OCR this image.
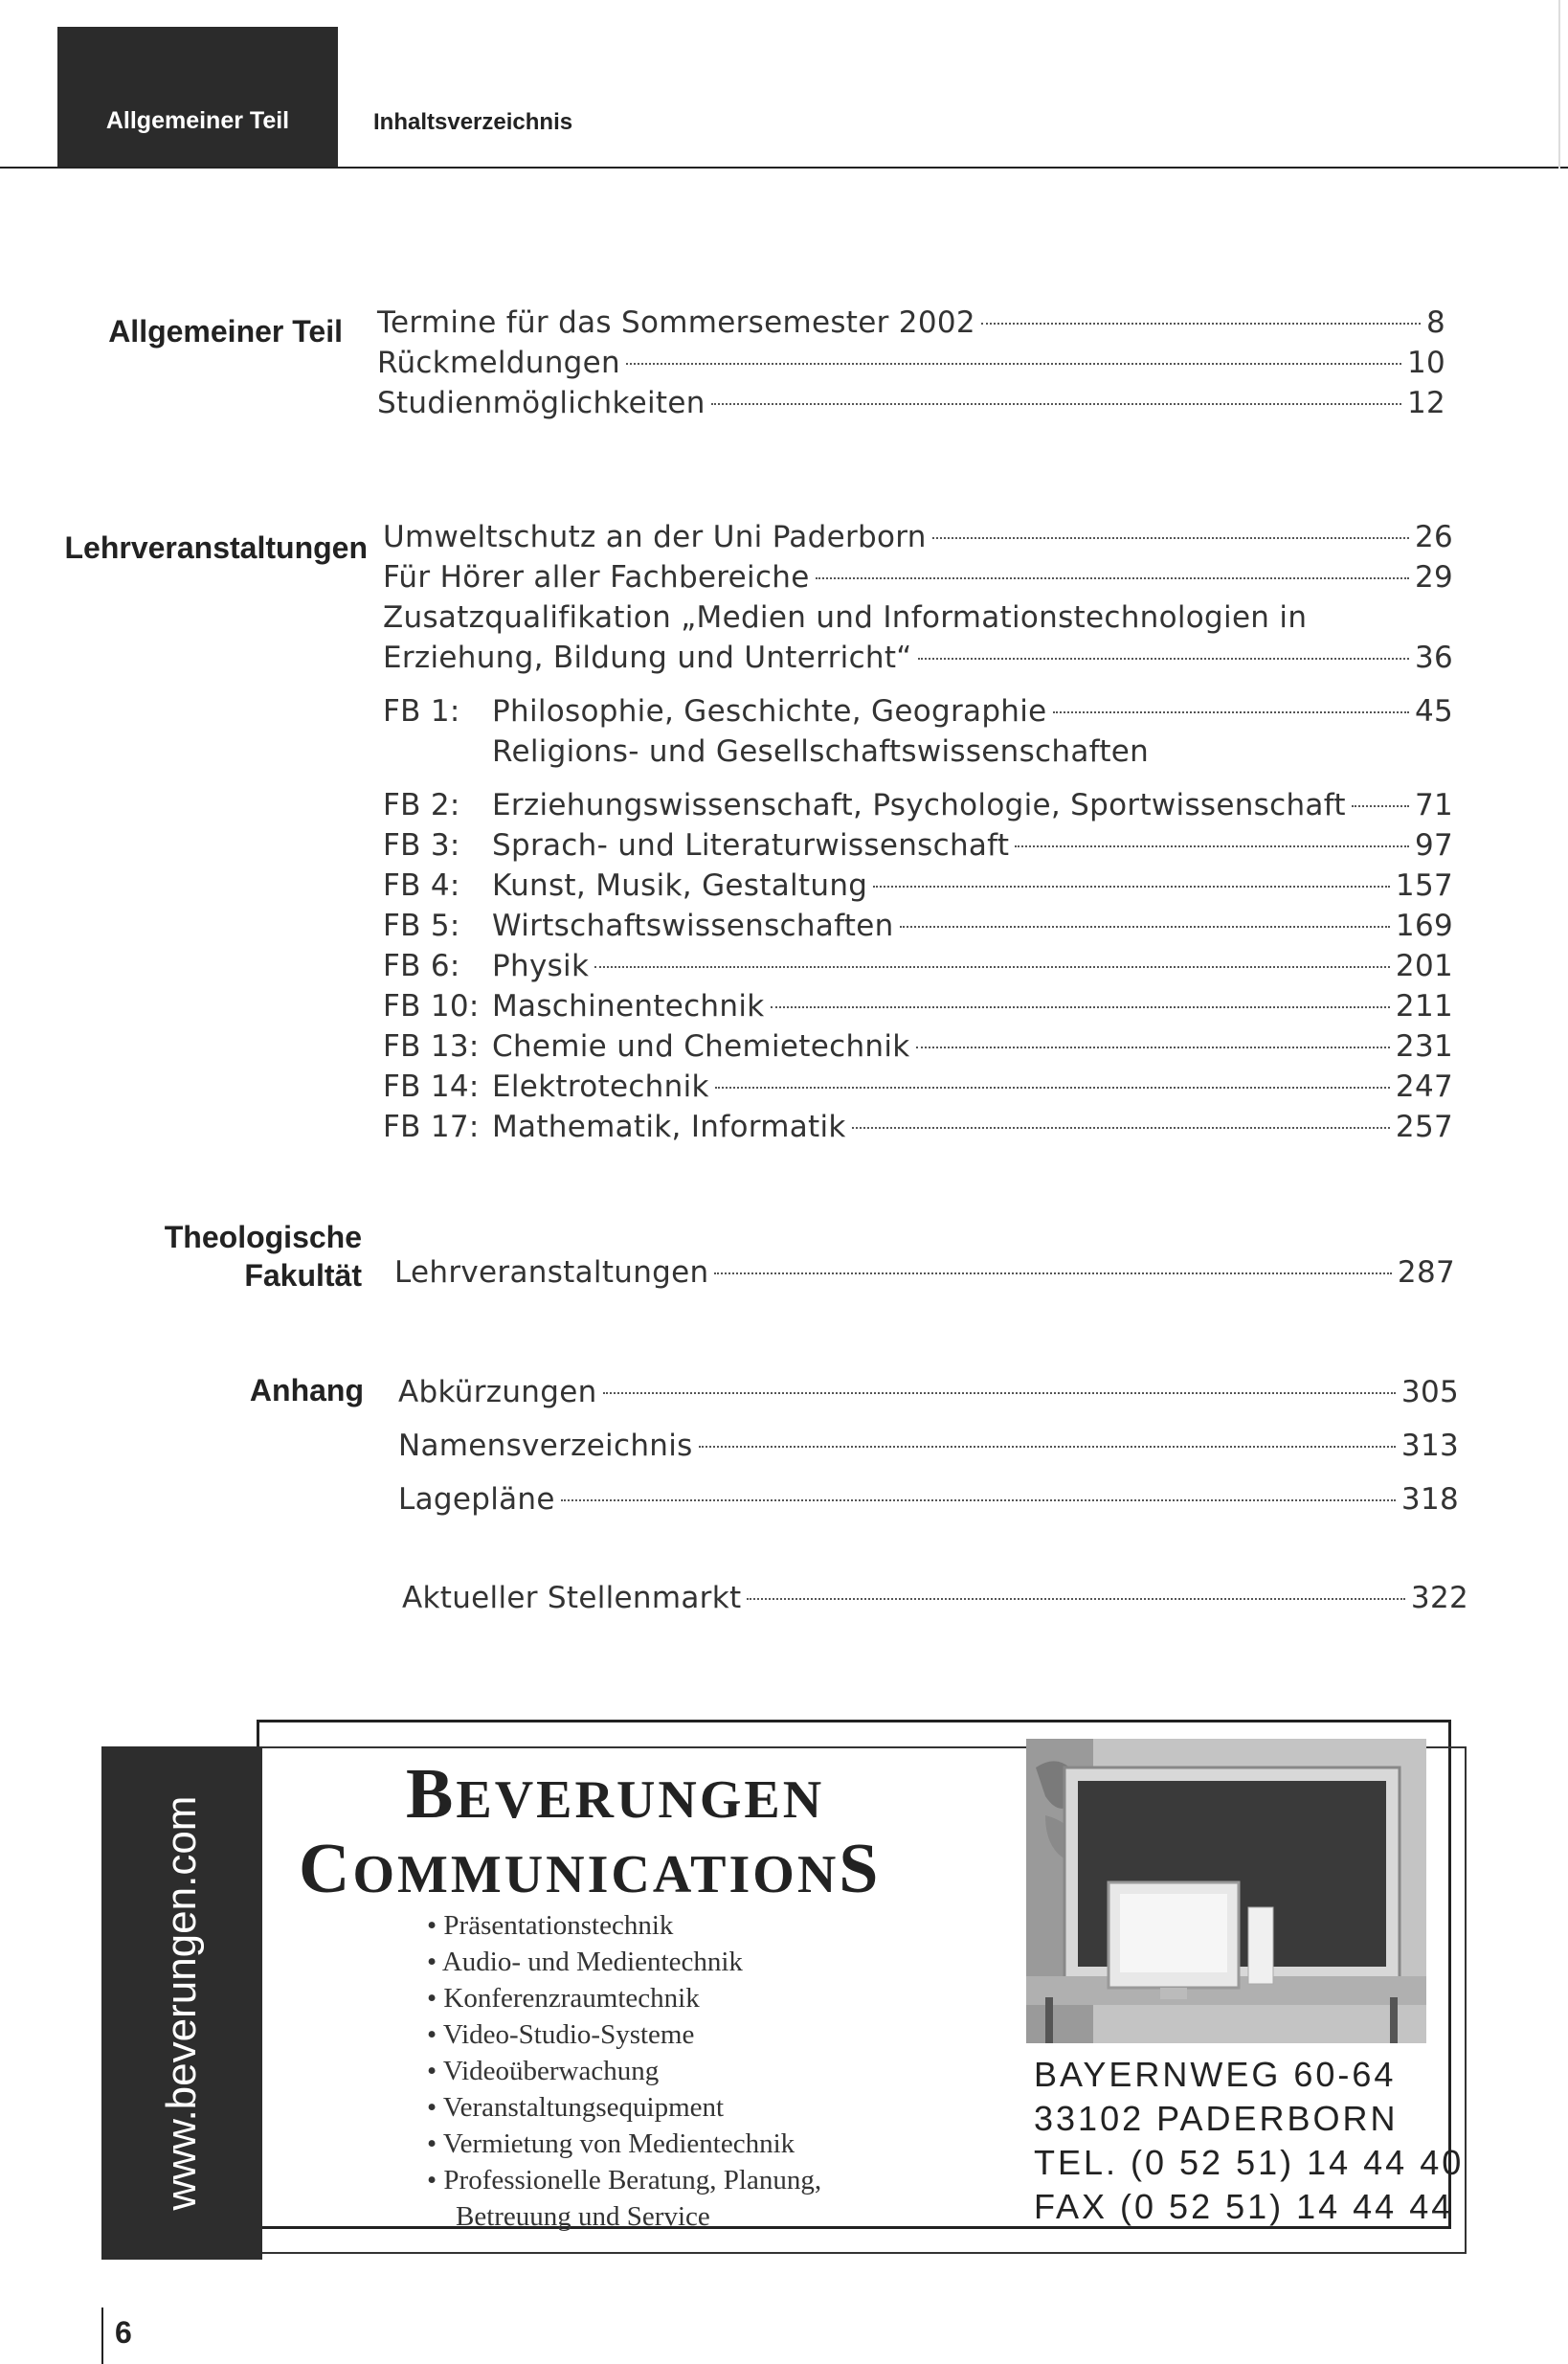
Allgemeiner Teil	Inhaltsverzeichnis
Allgemeiner Teil Termine für das Sommersemester 2002	8
Rückmeldungen	10
Studienmöglichkeiten	12
Lehrveranstaltungen Umweltschutz an der Uni Paderborn	26
Für Hörer aller Fachbereiche	29
Zusatzqualifikation „Medien und Informationstechnologien in
Erziehung, Bildung und Unterricht“	36
FB 1:	Philosophie, Geschichte, Geographie	45
Religions- und Gesellschaftswissenschaften
FB 2:	Erziehungswissenschaft, Psychologie, Sportwissenschaft 71
FB 3:	Sprach- und Literaturwissenschaft	97
FB 4:	Kunst, Musik, Gestaltung	157
FB 5:	Wirtschaftswissenschaften	169
FB 6:	Physik	201
FB 10: Maschinentechnik	211
FB 13: Chemie und Chemietechnik	231
FB 14: Elektrotechnik	247
FB 17: Mathematik, Informatik	257
Theologische
Fakultät Lehrveranstaltungen	287
Anhang Abkürzungen	305
Namensverzeichnis	313
Lagepläne	318
Aktueller Stellenmarkt	322
www.beverungen.com
BEVERUNGEN
COMMUNICATIONS
• Präsentationstechnik
• Audio- und Medientechnik
• Konferenzraumtechnik
• Video-Studio-Systeme
• Videoüberwachung
• Veranstaltungsequipment
• Vermietung von Medientechnik
• Professionelle Beratung, Planung,
Betreuung und Service
BAYERNWEG 60-64
33102 PADERBORN
TEL. (0 52 51) 14 44 40
FAX (0 52 51) 14 44 44
6
